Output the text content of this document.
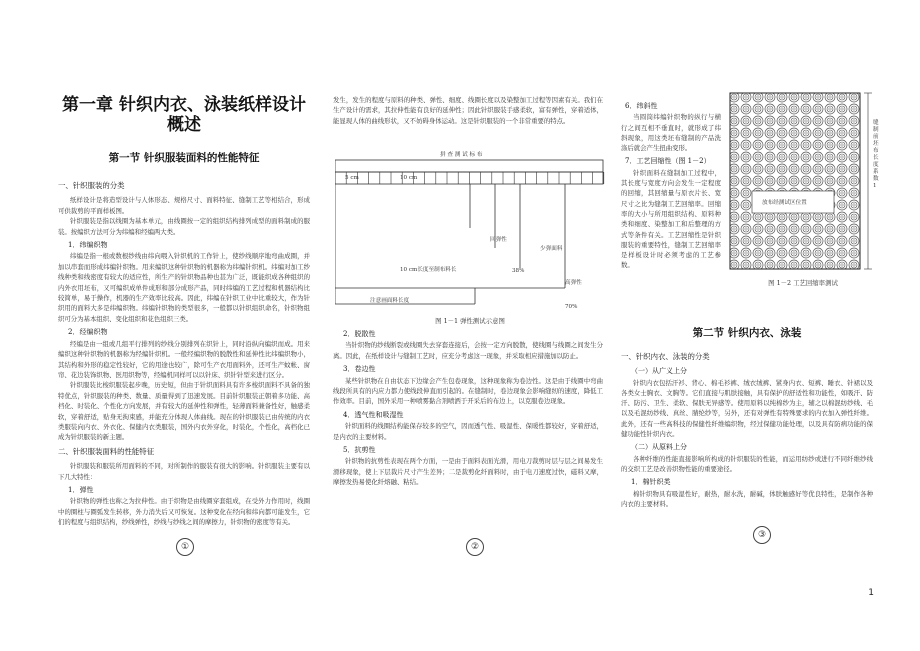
第一章 针织内衣、泳装纸样设计概述
第一节 针织服装面料的性能特征
一、针织服装的分类

纸样设计是将造型设计与人体形态、规格尺寸、面料特征、缝制工艺等相结合，形成可供裁剪的平面样板图。

针织服装是指以线圈为基本单元，由线圈按一定的组织结构排列成型的面料制成的服装。按编织方法可分为纬编和经编两大类。

1．纬编织物

纬编是指一根或数根纱线由纬向喂入针织机的工作针上，使纱线顺序地弯曲成圈，并加以串套而形成纬编针织物。用来编织这种针织物的机器称为纬编针织机。纬编对加工纱线种类和线密度有较大的适应性，所生产的针织物品种也甚为广泛，既能织成各种组织的内外衣用坯布，又可编织成单件成形和部分成形产品，同时纬编的工艺过程和机器结构比较简单，易于操作，机器的生产效率比较高。因此，纬编在针织工业中比重较大，作为针织用的面料大多是纬编织物。纬编针织物的类型很多，一般都以针织组织命名，针织物组织可分为基本组织、变化组织和花色组织三类。

2．经编织物

经编是由一组或几组平行排列的纱线分别排列在织针上，同时沿纵向编织而成。用来编织这种针织物的机器称为经编针织机。一般经编织物的脱散性和延伸性比纬编织物小，其结构和外形的稳定性较好，它的用途也较广，除可生产衣用面料外，还可生产蚊帐、窗帘、花边装饰织物、医用织物等，经编机同样可以以针床、织针针型来进行区分。

针织服装比梭织服装起步晚，历史短，但由于针织面料具有许多梭织面料不具备的独特优点，针织服装的种类、数量、质量得到了迅速发展。目前针织服装正朝着多功能、高档化、时装化、个性化方向发展，并有较大的延伸性和弹性，轻薄面料兼备性好，触感柔软，穿着舒适，贴身无拘束感，并能充分体现人体曲线。现在的针织服装已由传统的内衣类服装向内衣、外衣化、保健内衣类服装，国外内衣外穿化，时装化，个性化，高档化已成为针织服装的新主题。

二、针织服装面料的性能特征

针织服装和服装所用面料的不同，对所制作的服装有很大的影响。针织服装主要有以下几大特性：

1．弹性

针织物的弹性也称之为拉伸性。由于织物是由线圈穿套组成，在受外力作用时，线圈中的圈柱与圈弧发生转移，外力消失后又可恢复。这种变化在经向和纬向都可能发生，它们的程度与组织结构，纱线弹性，纱线与纱线之间的摩擦力，针织物的密度等有关。

①

发生，发生的程度与原料的种类、弹性、细度、线圈长度以及染整加工过程等因素有关。我们在生产设计的需求，其拉伸性能有良好的延伸性；因此针织服装手感柔软，富有弹性，穿着适体，能显现人体的曲线形状，又不妨碍身体运动。这是针织服装的一个非常重要的特点。

拼 查 测 试 标 布
5 cm	10 cm
10 cm长度至制布料长
回弹性
少弹面料
38%
高弹性
70%
注意画面料长度
图 1－1 弹性测试示意图
2．脱散性

当针织物的纱线断裂或线圈失去穿套连接后，会按一定方向脱散，使线圈与线圈之间发生分离。因此，在纸样设计与缝制工艺时，应充分考虑这一现象，并采取相应措施加以防止。

3．卷边性

某些针织物在自由状态下边缘会产生包卷现象，这种现象称为卷边性。这是由于线圈中弯曲线段所具有的内应力都力使线段伸直而引起的。在缝制时，卷边现象会影响缝纫的速度，降低工作效率。目前，国外采用一种喷雾黏合剂喷洒于开采后的布边上，以克服卷边现象。

4．透气性和吸湿性

针织面料的线圈结构能保存较多的空气，因而透气性、吸湿性、保暖性都较好，穿着舒适，是内衣的主要材料。

5．抗剪性

针织物的抗剪性表现在两个方面，一是由于面料表面光滑，用电刀裁剪时层与层之间易发生滑移现象，使上下层裁片尺寸产生差异；二是裁剪化纤面料时，由于电刀速度过快，磁料又摩，摩擦发热易使化纤熔融、粘结。

②
6．纬斜性

当圆筒纬编针织物的纵行与横行之间互相不垂直时，就形成了纬斜现象，用这类坯布缝制的产品洗涤后就会产生扭曲变形。

7．工艺回缩性（图 1－2）

针织面料在缝制加工过程中，其长度与宽度方向会发生一定程度的回缩，其回缩量与原衣片长、宽尺寸之比为缝制工艺回缩率。回缩率的大小与所用组织结构、原料种类和细度、染整加工和后整理的方式等条件有关。工艺回缩性是针织服装的重要特性，缝制工艺回缩率是样板设计时必须考虑的工艺参数。

放布经测试区位置
缝制前坯布长度系数 1
图 1－2 工艺回缩率测试
第二节 针织内衣、泳装
一、针织内衣、泳装的分类
（一）从广义上分

针织内衣包括汗衫、背心、棉毛衫裤、绒衣绒裤、紧身内衣、短裤、睡衣、针裙以及各类女士胸衣、文胸等。它们直接与肌肤接触，具有保护的舒适性和功能性，如吸汗、防汗、防污、卫生、柔软、保肤无异感等。使用原料以纯棉纱为主，辅之以棉混纺纱线、毛以及毛混纺纱线、真丝、腈纶纱等，另外，还有对弹性有特殊要求的内衣加入弹性纤维。此外，还有一些高科技的保健性纤维编织物，经过保健功能处理，以及具有防病功能的保健功能性针织内衣。

（二）从原料上分

各种纤维的性能直接影响所构成的针织服装的性能，而运用纺纱或进行不同纤维纱线的交织工艺是改善织物性能的重要途径。

1．棉针织类

棉针织物具有吸湿性好，耐热，耐水洗，耐碱，体肤触感好等优良特性，是制作各种内衣的主要材料。

③
1
